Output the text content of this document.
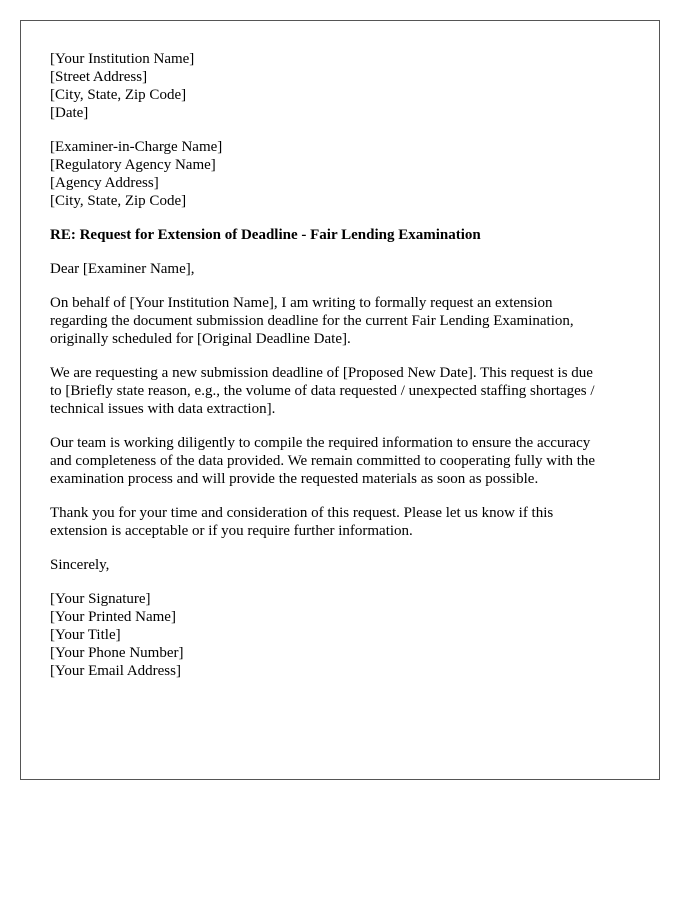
[Your Institution Name]
[Street Address]
[City, State, Zip Code]
[Date]
[Examiner-in-Charge Name]
[Regulatory Agency Name]
[Agency Address]
[City, State, Zip Code]
RE: Request for Extension of Deadline - Fair Lending Examination
Dear [Examiner Name],
On behalf of [Your Institution Name], I am writing to formally request an extension
regarding the document submission deadline for the current Fair Lending Examination,
originally scheduled for [Original Deadline Date].
We are requesting a new submission deadline of [Proposed New Date]. This request is due
to [Briefly state reason, e.g., the volume of data requested / unexpected staffing shortages /
technical issues with data extraction].
Our team is working diligently to compile the required information to ensure the accuracy
and completeness of the data provided. We remain committed to cooperating fully with the
examination process and will provide the requested materials as soon as possible.
Thank you for your time and consideration of this request. Please let us know if this
extension is acceptable or if you require further information.
Sincerely,
[Your Signature]
[Your Printed Name]
[Your Title]
[Your Phone Number]
[Your Email Address]
